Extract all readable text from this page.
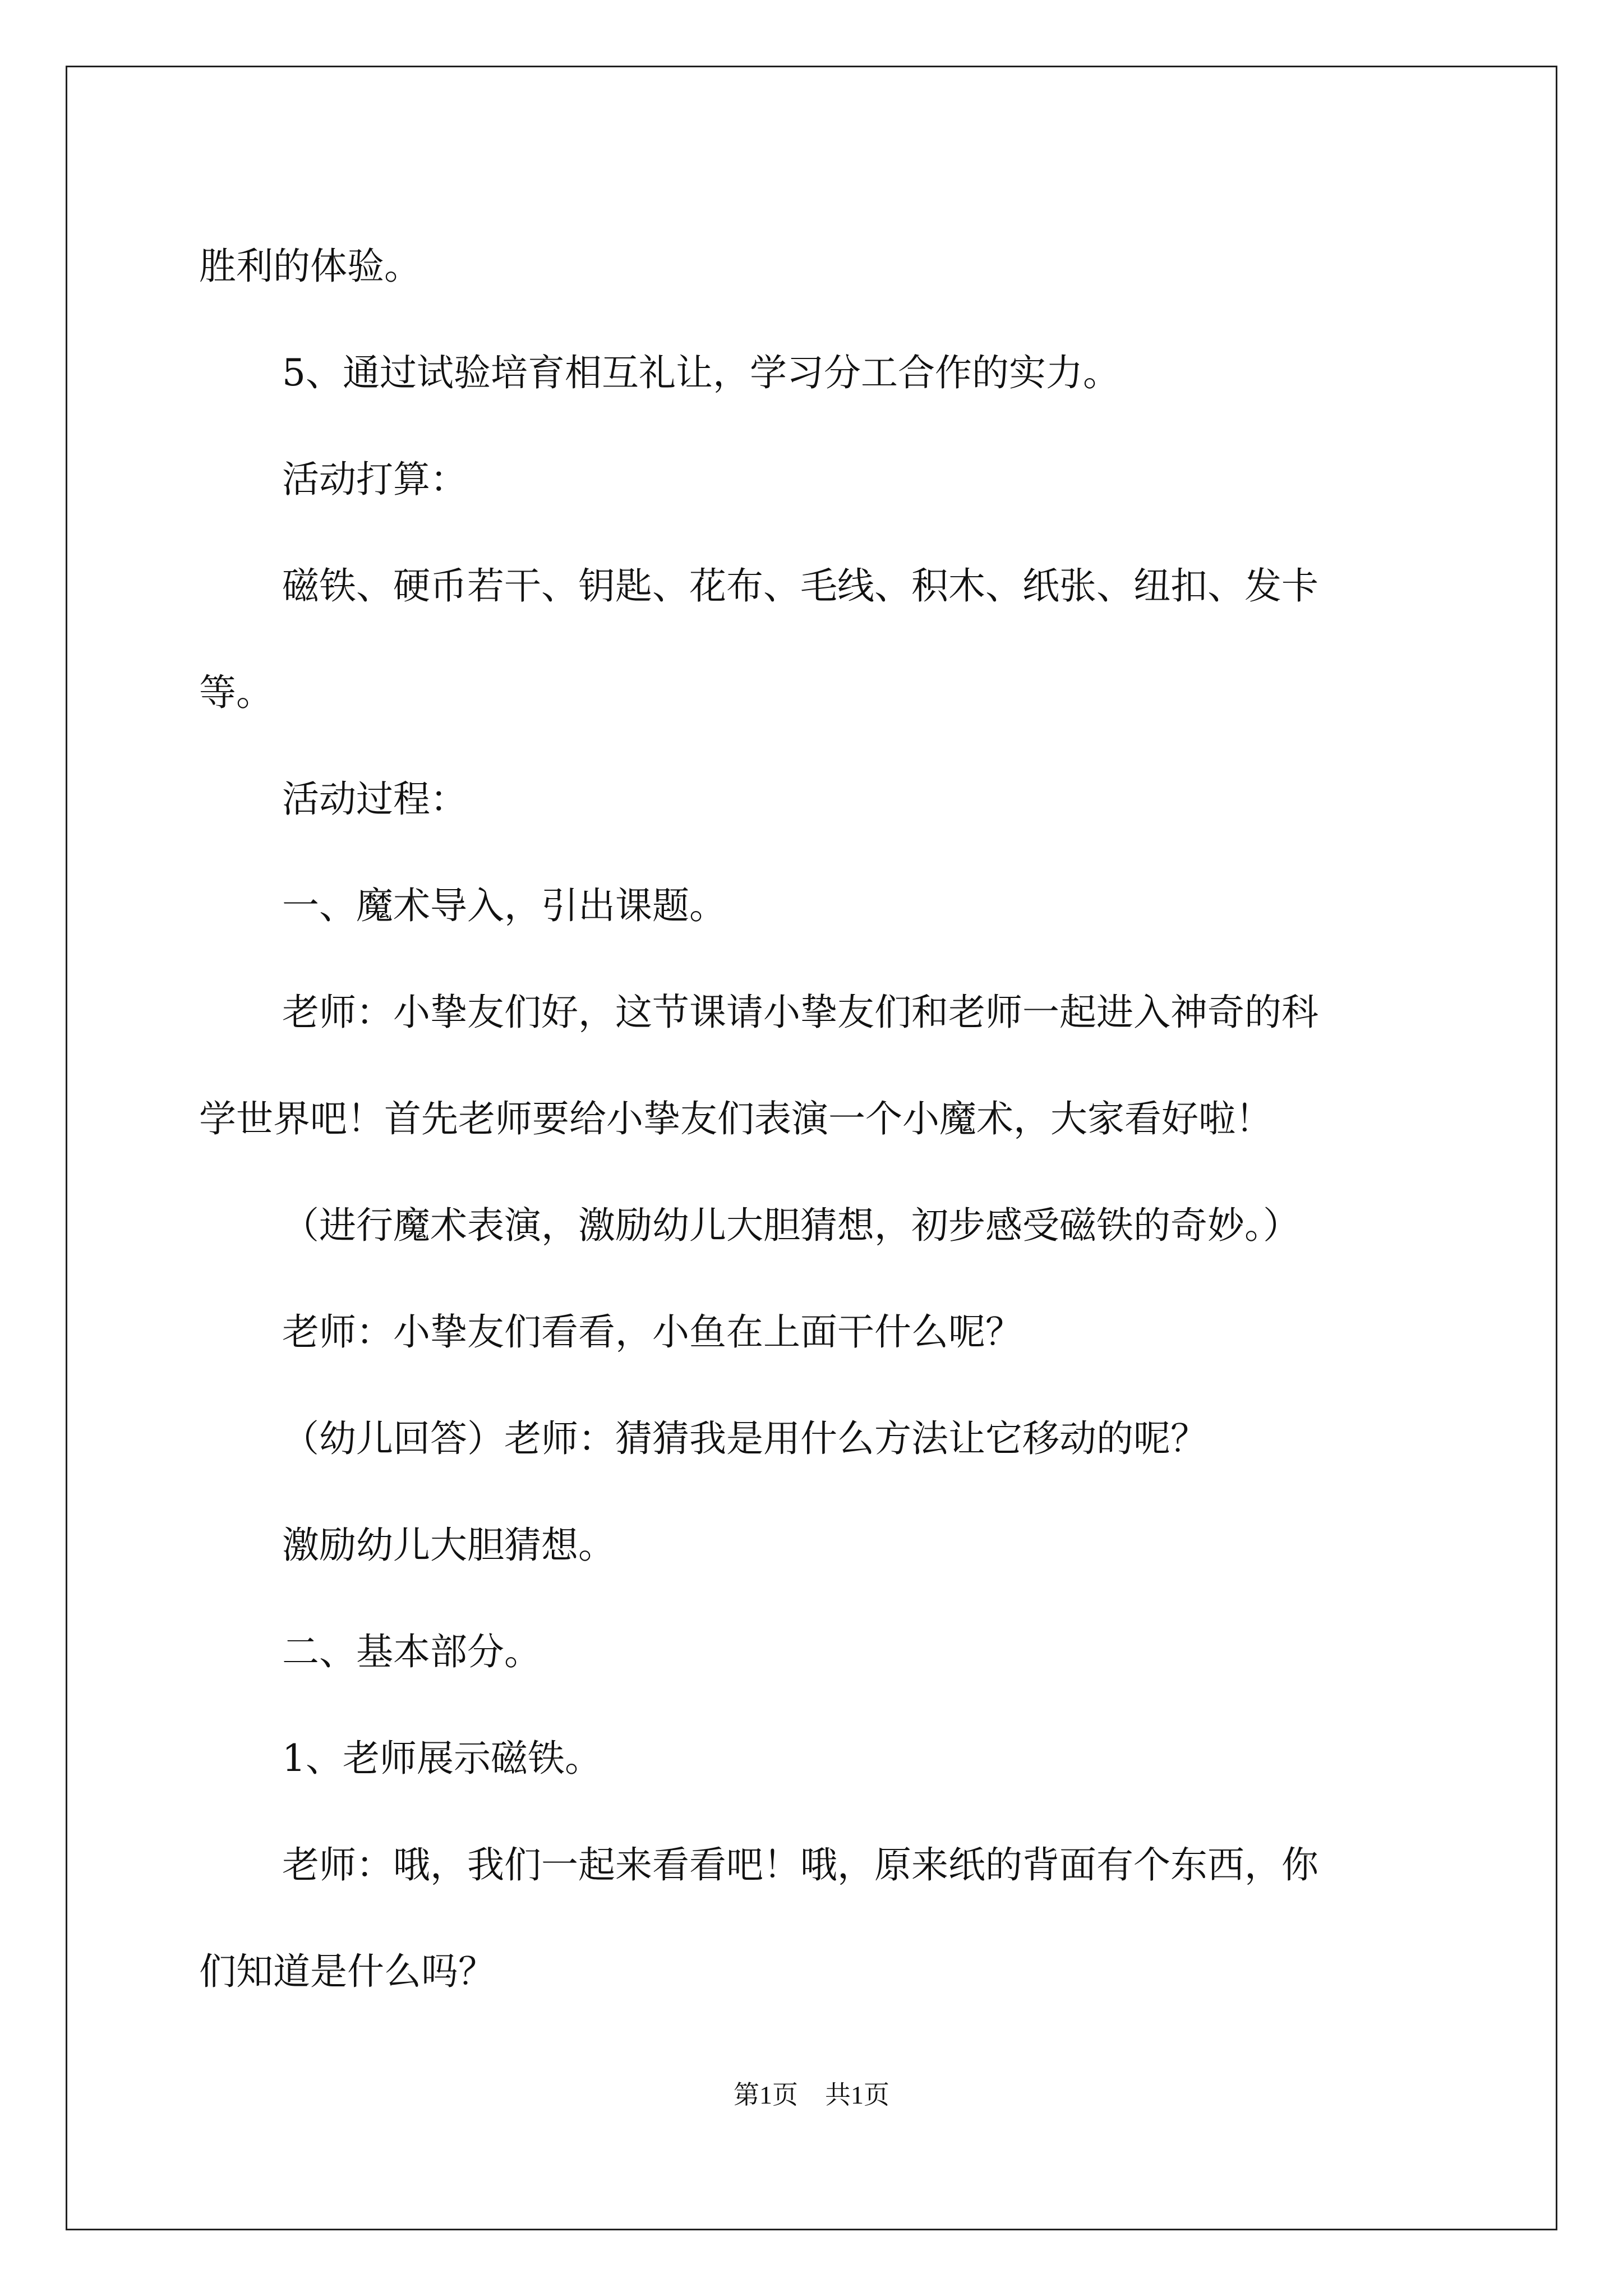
胜利的体验。

5、通过试验培育相互礼让，学习分工合作的实力。

活动打算：

磁铁、硬币若干、钥匙、花布、毛线、积木、纸张、纽扣、发卡

等。

活动过程：

一、魔术导入，引出课题。

老师：小挚友们好，这节课请小挚友们和老师一起进入神奇的科

学世界吧！首先老师要给小挚友们表演一个小魔术，大家看好啦！

（进行魔术表演，激励幼儿大胆猜想，初步感受磁铁的奇妙。）

老师：小挚友们看看，小鱼在上面干什么呢？

（幼儿回答）老师：猜猜我是用什么方法让它移动的呢？

激励幼儿大胆猜想。

二、基本部分。

1、老师展示磁铁。

老师：哦，我们一起来看看吧！哦，原来纸的背面有个东西，你

们知道是什么吗？

第1页 共1页
